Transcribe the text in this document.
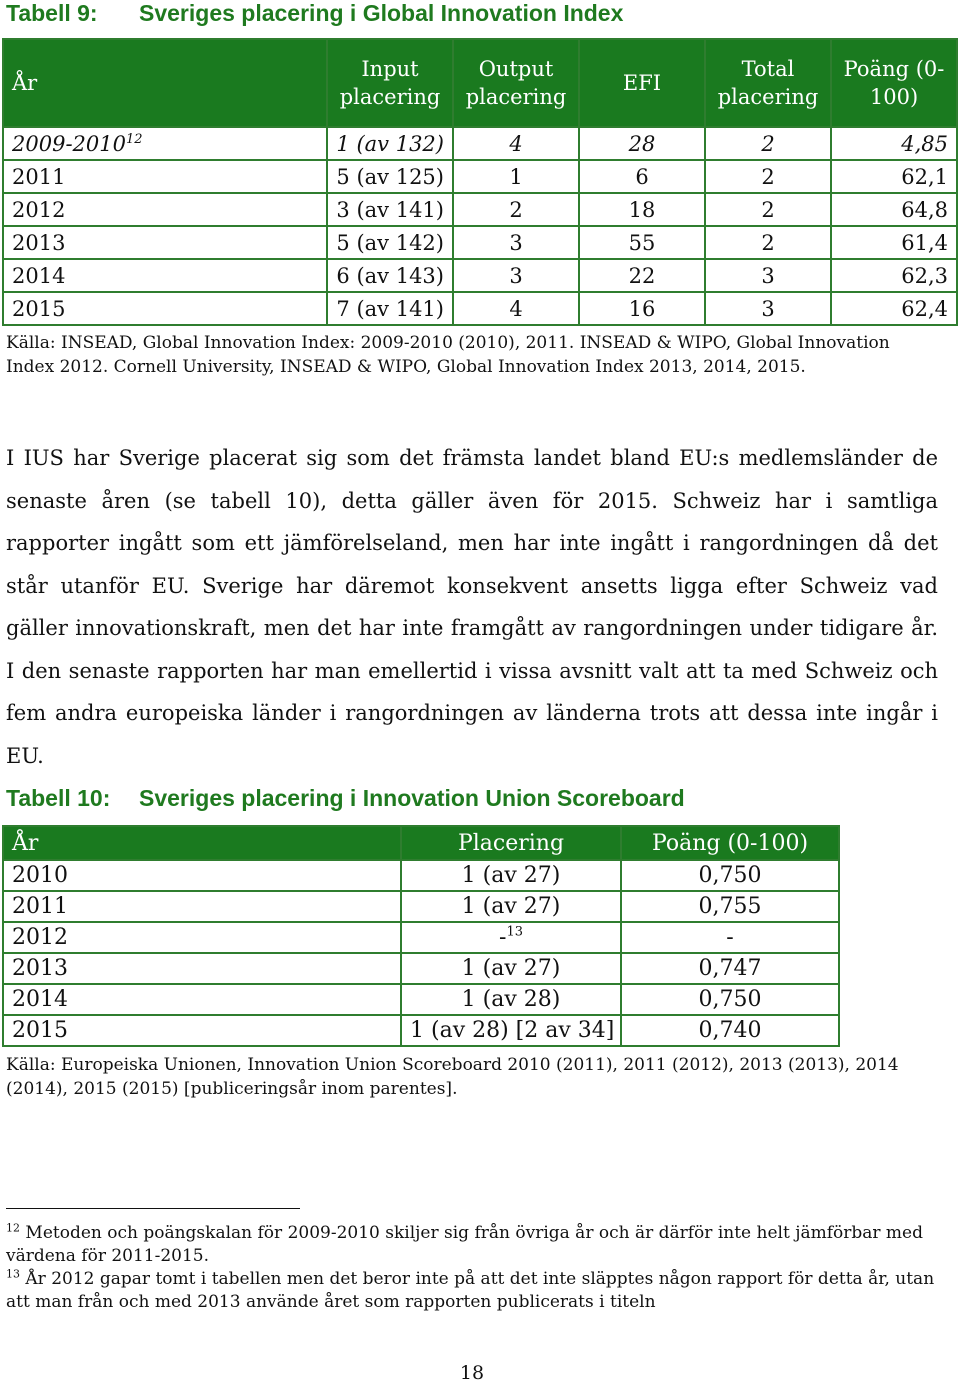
Tabell 9: Sveriges placering i Global Innovation Index
År	Input placering	Output placering	EFI	Total placering	Poäng (0-100)
2009-2010$^{12}$	1 (av 132)	4	28	2	4,85
2011	5 (av 125)	1	6	2	62,1
2012	3 (av 141)	2	18	2	64,8
2013	5 (av 142)	3	55	2	61,4
2014	6 (av 143)	3	22	3	62,3
2015	7 (av 141)	4	16	3	62,4
Källa: INSEAD, Global Innovation Index: 2009-2010 (2010), 2011. INSEAD & WIPO, Global Innovation Index 2012. Cornell University, INSEAD & WIPO, Global Innovation Index 2013, 2014, 2015.
I IUS har Sverige placerat sig som det främsta landet bland EU:s medlemsländer de senaste åren (se tabell 10), detta gäller även för 2015. Schweiz har i samtliga rapporter ingått som ett jämförelseland, men har inte ingått i rangordningen då det står utanför EU. Sverige har däremot konsekvent ansetts ligga efter Schweiz vad gäller innovationskraft, men det har inte framgått av rangordningen under tidigare år. I den senaste rapporten har man emellertid i vissa avsnitt valt att ta med Schweiz och fem andra europeiska länder i rangordningen av länderna trots att dessa inte ingår i EU.
Tabell 10: Sveriges placering i Innovation Union Scoreboard
År	Placering	Poäng (0-100)
2010	1 (av 27)	0,750
2011	1 (av 27)	0,755
2012	-$^{13}$	-
2013	1 (av 27)	0,747
2014	1 (av 28)	0,750
2015	1 (av 28) [2 av 34]	0,740
Källa: Europeiska Unionen, Innovation Union Scoreboard 2010 (2011), 2011 (2012), 2013 (2013), 2014 (2014), 2015 (2015) [publiceringsår inom parentes].
$^{12}$ Metoden och poängskalan för 2009-2010 skiljer sig från övriga år och är därför inte helt jämförbar med värdena för 2011-2015.
$^{13}$ År 2012 gapar tomt i tabellen men det beror inte på att det inte släpptes någon rapport för detta år, utan att man från och med 2013 använde året som rapporten publicerats i titeln
18
